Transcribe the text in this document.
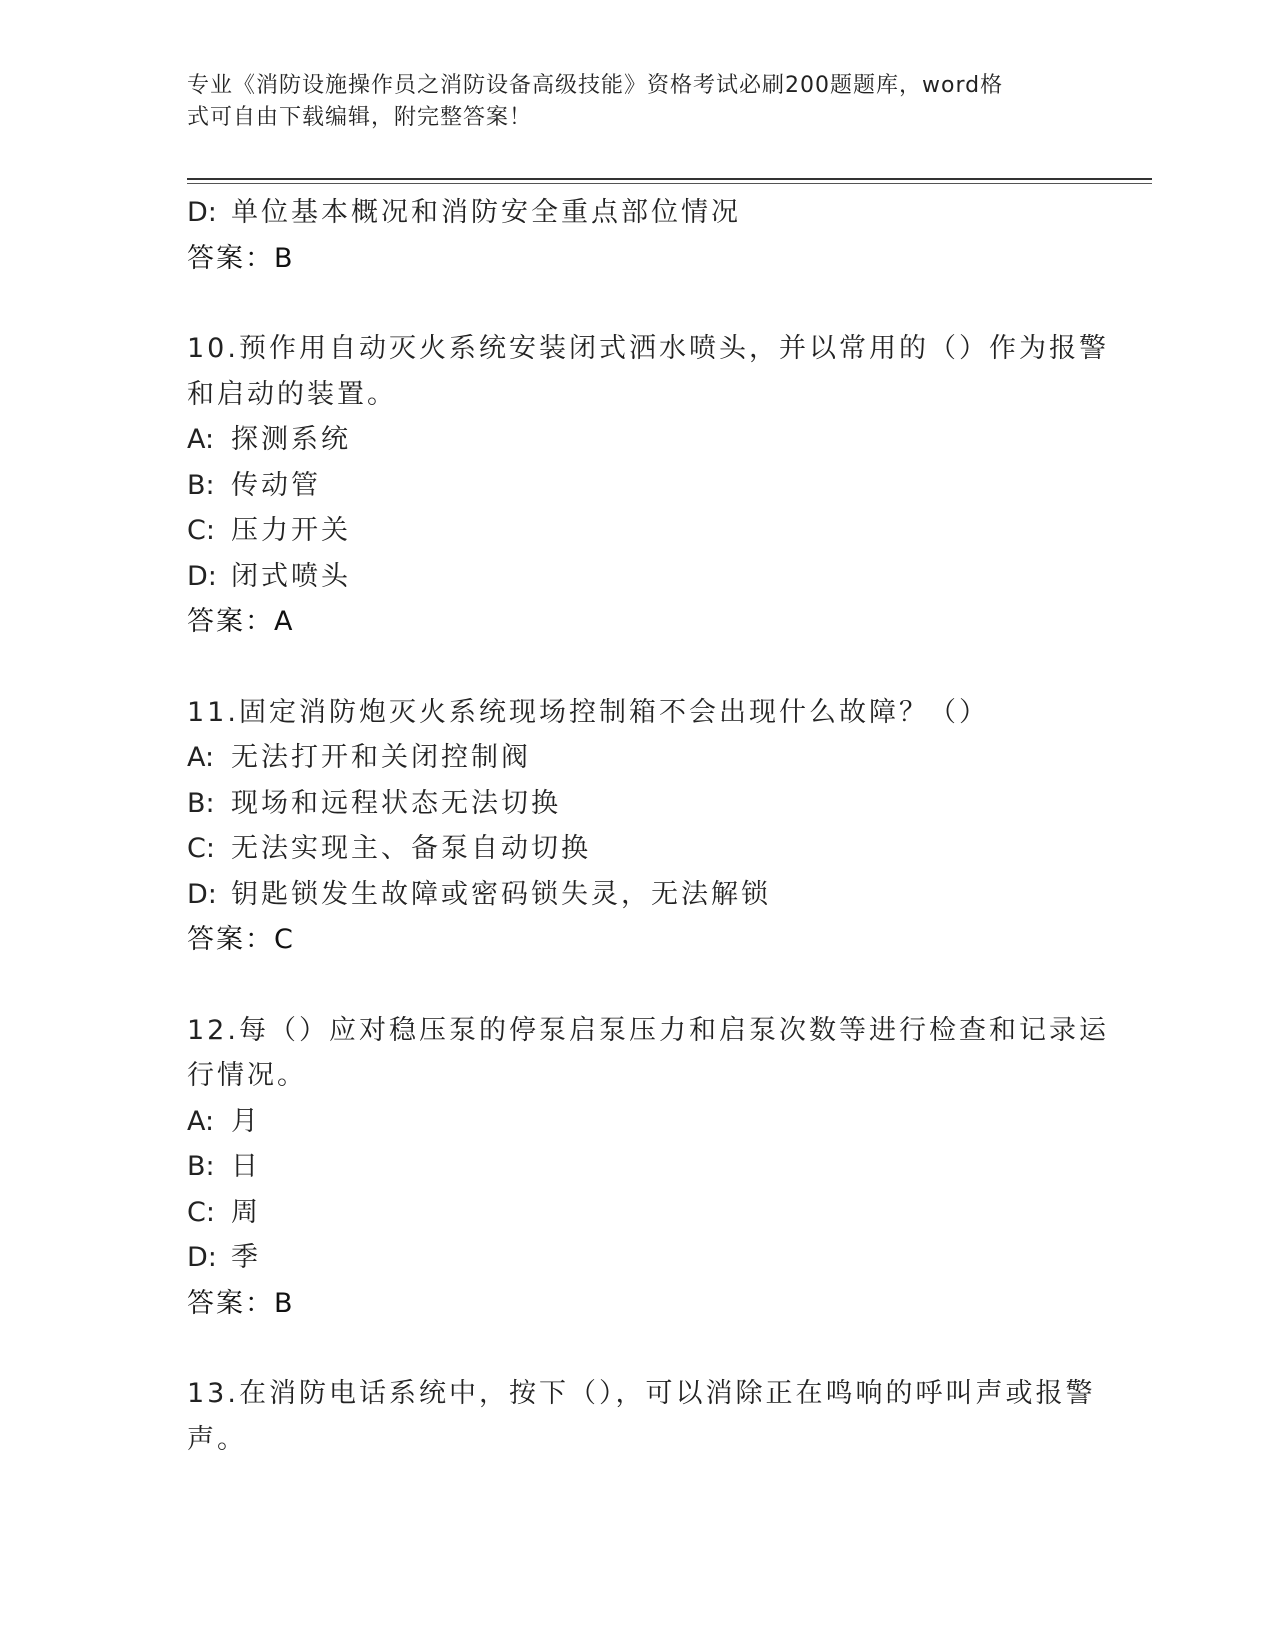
专业《消防设施操作员之消防设备高级技能》资格考试必刷200题题库，word格
式可自由下载编辑，附完整答案！
D: 单位基本概况和消防安全重点部位情况
答案：B
10.预作用自动灭火系统安装闭式洒水喷头，并以常用的（）作为报警
和启动的装置。
A: 探测系统
B: 传动管
C: 压力开关
D: 闭式喷头
答案：A
11.固定消防炮灭火系统现场控制箱不会出现什么故障？（）
A: 无法打开和关闭控制阀
B: 现场和远程状态无法切换
C: 无法实现主、备泵自动切换
D: 钥匙锁发生故障或密码锁失灵，无法解锁
答案：C
12.每（）应对稳压泵的停泵启泵压力和启泵次数等进行检查和记录运
行情况。
A: 月
B: 日
C: 周
D: 季
答案：B
13.在消防电话系统中，按下（），可以消除正在鸣响的呼叫声或报警
声。
